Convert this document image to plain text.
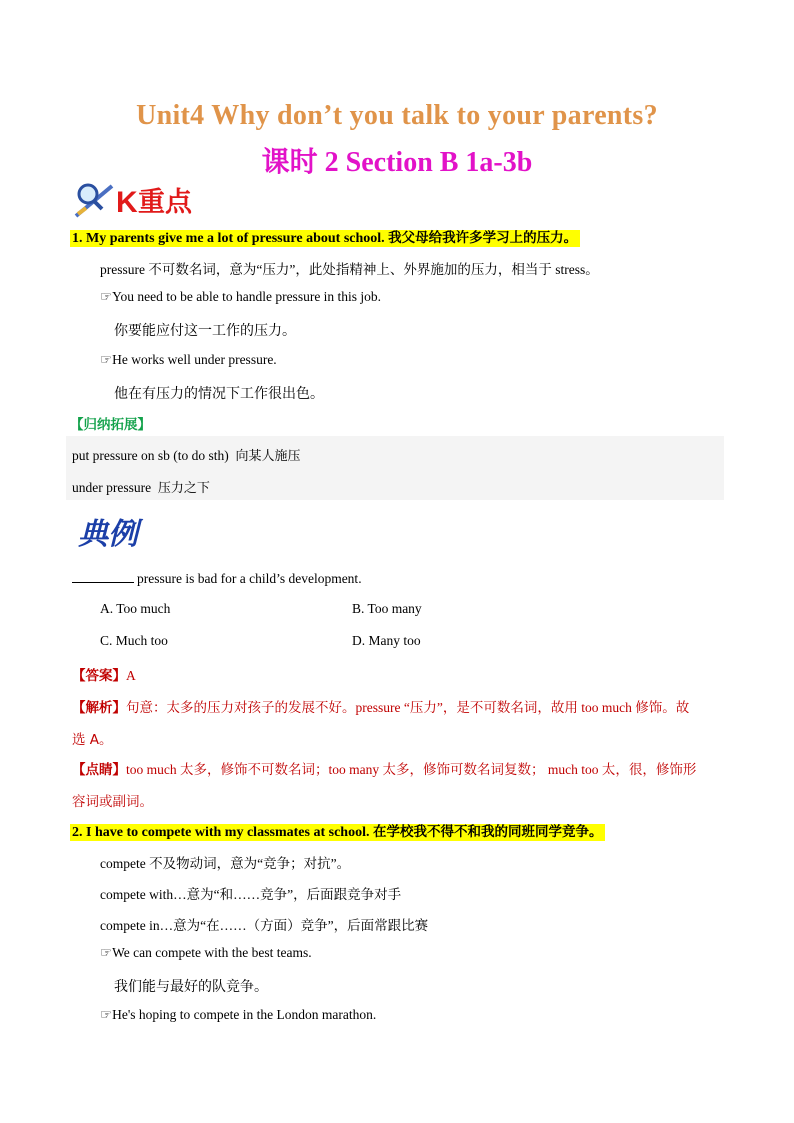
Unit4 Why don’t you talk to your parents?
课时 2 Section B 1a-3b
K 重点
1. My parents give me a lot of pressure about school. 我父母给我许多学习上的压力。
pressure 不可数名词，意为“压力”，此处指精神上、外界施加的压力，相当于 stress。
☞You need to be able to handle pressure in this job.
你要能应付这一工作的压力。
☞He works well under pressure.
他在有压力的情况下工作很出色。
【归纳拓展】
put pressure on sb (to do sth) 向某人施压
under pressure 压力之下
典例
pressure is bad for a child’s development.
A. Too much	B. Too many
C. Much too	D. Many too
【答案】A
【解析】句意：太多的压力对孩子的发展不好。pressure “压力”，是不可数名词，故用 too much 修饰。故
选 A。
【点睛】too much 太多，修饰不可数名词；too many 太多，修饰可数名词复数； much too 太，很，修饰形
容词或副词。
2. I have to compete with my classmates at school. 在学校我不得不和我的同班同学竞争。
compete 不及物动词，意为“竞争；对抗”。
compete with…意为“和……竞争”，后面跟竞争对手
compete in…意为“在……（方面）竞争”，后面常跟比赛
☞We can compete with the best teams.
我们能与最好的队竞争。
☞He's hoping to compete in the London marathon.
